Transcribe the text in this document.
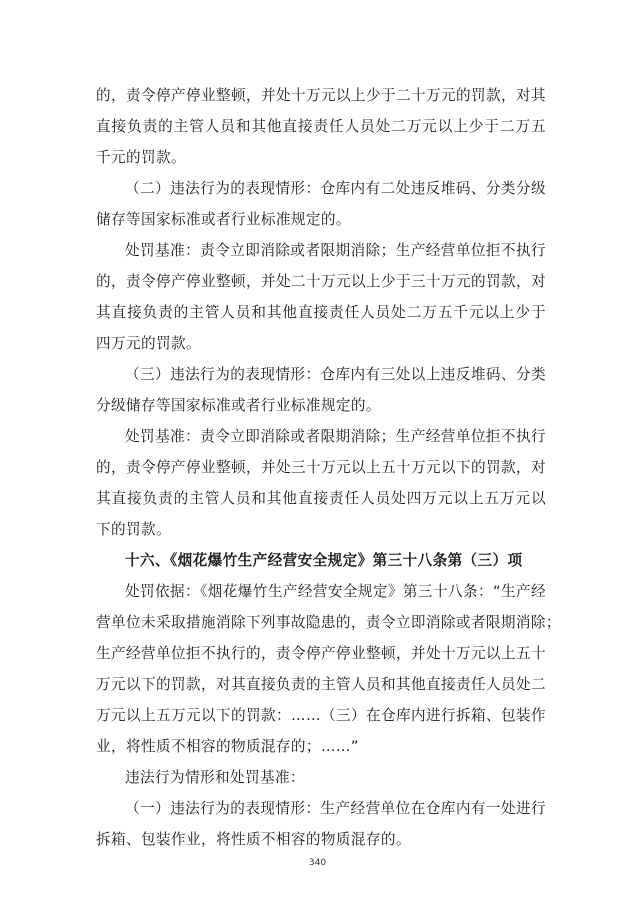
的，责令停产停业整顿，并处十万元以上少于二十万元的罚款，对其
直接负责的主管人员和其他直接责任人员处二万元以上少于二万五
千元的罚款。
（二）违法行为的表现情形：仓库内有二处违反堆码、分类分级
储存等国家标准或者行业标准规定的。
处罚基准：责令立即消除或者限期消除；生产经营单位拒不执行
的，责令停产停业整顿，并处二十万元以上少于三十万元的罚款，对
其直接负责的主管人员和其他直接责任人员处二万五千元以上少于
四万元的罚款。
（三）违法行为的表现情形：仓库内有三处以上违反堆码、分类
分级储存等国家标准或者行业标准规定的。
处罚基准：责令立即消除或者限期消除；生产经营单位拒不执行
的，责令停产停业整顿，并处三十万元以上五十万元以下的罚款，对
其直接负责的主管人员和其他直接责任人员处四万元以上五万元以
下的罚款。
十六、《烟花爆竹生产经营安全规定》第三十八条第（三）项
处罚依据：《烟花爆竹生产经营安全规定》第三十八条：“生产经
营单位未采取措施消除下列事故隐患的，责令立即消除或者限期消除；
生产经营单位拒不执行的，责令停产停业整顿，并处十万元以上五十
万元以下的罚款，对其直接负责的主管人员和其他直接责任人员处二
万元以上五万元以下的罚款：……（三）在仓库内进行拆箱、包装作
业，将性质不相容的物质混存的；……”
违法行为情形和处罚基准：
（一）违法行为的表现情形：生产经营单位在仓库内有一处进行
拆箱、包装作业，将性质不相容的物质混存的。
340
